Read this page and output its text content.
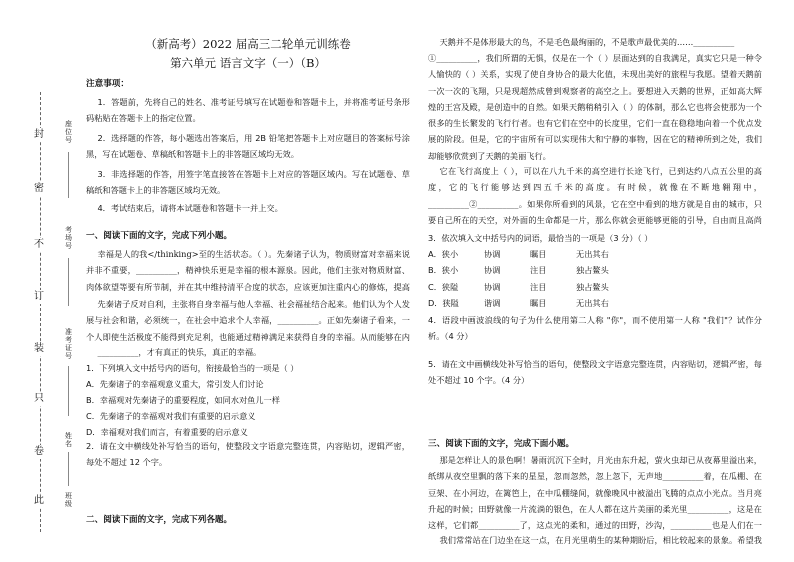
封
密
不
订
装
只
卷
此
座位号
考场号
准考证号
姓名
班级
（新高考）2022 届高三二轮单元训练卷
第六单元 语言文字（一）（B）
注意事项：
1．答题前，先将自己的姓名、准考证号填写在试题卷和答题卡上，并将准考证号条形码粘贴在答题卡上的指定位置。
2．选择题的作答，每小题选出答案后，用 2B 铅笔把答题卡上对应题目的答案标号涂黑，写在试题卷、草稿纸和答题卡上的非答题区域均无效。
3．非选择题的作答，用签字笔直接答在答题卡上对应的答题区域内。写在试题卷、草稿纸和答题卡上的非答题区域均无效。
4．考试结束后，请将本试题卷和答题卡一并上交。
一、阅读下面的文字，完成下列小题。
幸福是人的我</thinking>至的生活状态。（ ）。先秦诸子认为，物质财富对幸福来说并非不重要，__________，精神快乐更是幸福的根本源泉。因此，他们主张对物质财富、肉体欲望等要有所节制，并在其中维持清平合度的状态，应该更加注重内心的修炼，提高
先秦诸子反对自利，主张将自身幸福与他人幸福、社会福祉结合起来。他们认为个人发展与社会和谐，必须统一，在社会中追求个人幸福，__________。正如先秦诸子看来，一个人即使生活极度不能得到充足利，也能通过精神满足来获得自身的幸福。从而能够在内
__________，才有真正的快乐，真正的幸福。
1．下列填入文中括号内的语句，衔接最恰当的一项是（ ）
A．先秦诸子的幸福观意义重大，常引发人们讨论
B．幸福观对先秦诸子的重要程度，如同水对鱼儿一样
C．先秦诸子的幸福观对我们有重要的启示意义
D．幸福观对我们而言，有着重要的启示意义
2．请在文中横线处补写恰当的语句，使整段文字语意完整连贯，内容贴切，逻辑严密，每处不超过 12 个字。
二、阅读下面的文字，完成下列各题。
天鹅并不是体形最大的鸟，不是毛色最绚丽的，不是歌声最优美的……__________
①__________，我们所谓的无惧，仅是在一个（ ）层面达到的自我满足，真实它只是一种令人愉快的（ ）关系，实现了使自身协合的最大化值，未现出美好的旅程与我愿。望着天鹅前一次一次的飞翔，只是现超然成曾到观察者的高空之上。要想进入天鹅的世界，正如高大辉煌的王宫及殿，是创造中的自然。如果天鹅稍稍引入（ ）的体制，那么它也将会使那为一个很多的生长繁发的飞行行者。也有它们在空中的长度里，它们一直在稳稳地向着一个优点发展的阶段。但是，它的宇宙所有可以实现伟大和宁静的事物，因在它的精神所到之处，我们却能够欣赏到了天鹅的美丽飞行。
它在飞行高度上（ ），可以在八九千米的高空进行长途飞行，已到达约八点五公里的高度，它的飞行能够达到四五千米的高度。有时候，就像在不断地翱翔中，__________②__________。如果你所看到的风景，它在空中看到的地方就是自由的城市，只要自己所在的天空，对外面的生命都是一片，那么你就会更能够更能的引导，自由而且高尚
3．依次填入文中括号内的词语，最恰当的一项是（3 分）（ ）
A．狭小	协调	瞩目	无出其右
B．狭小	协调	注目	独占鳌头
C．狭隘	协调	注目	独占鳌头
D．狭隘	谐调	瞩目	无出其右
4．语段中画波浪线的句子为什么使用第二人称 "你"，而不使用第一人称 "我们"？试作分析。（4 分）
5．请在文中画横线处补写恰当的语句，使整段文字语意完整连贯，内容贴切，逻辑严密，每处不超过 10 个字。（4 分）
三、阅读下面的文字，完成下面小题。
那是怎样让人的景色啊！暑雨沉沉下全时，月光由东升起，萤火虫却已从夜幕里溢出来，纸绑从夜空里飘的落下来的星星，忽而忽然，忽上忽下，无声地__________着，在瓜棚、在豆架、在小河边，在篱笆上，在中瓜棚缝间，就像晚风中被溢出飞腾的点点小光点。当月亮升起的时候；田野就像一片流淌的银色，在人人都在这片美丽的柔光里__________，这是在这样，它们都__________了，这点光的柔和，通过的田野，沙沟，__________也是人们在一
我们常常站在门边坐在这一点，在月光里萌生的某种期盼后，相比较起来的景象。希望我
